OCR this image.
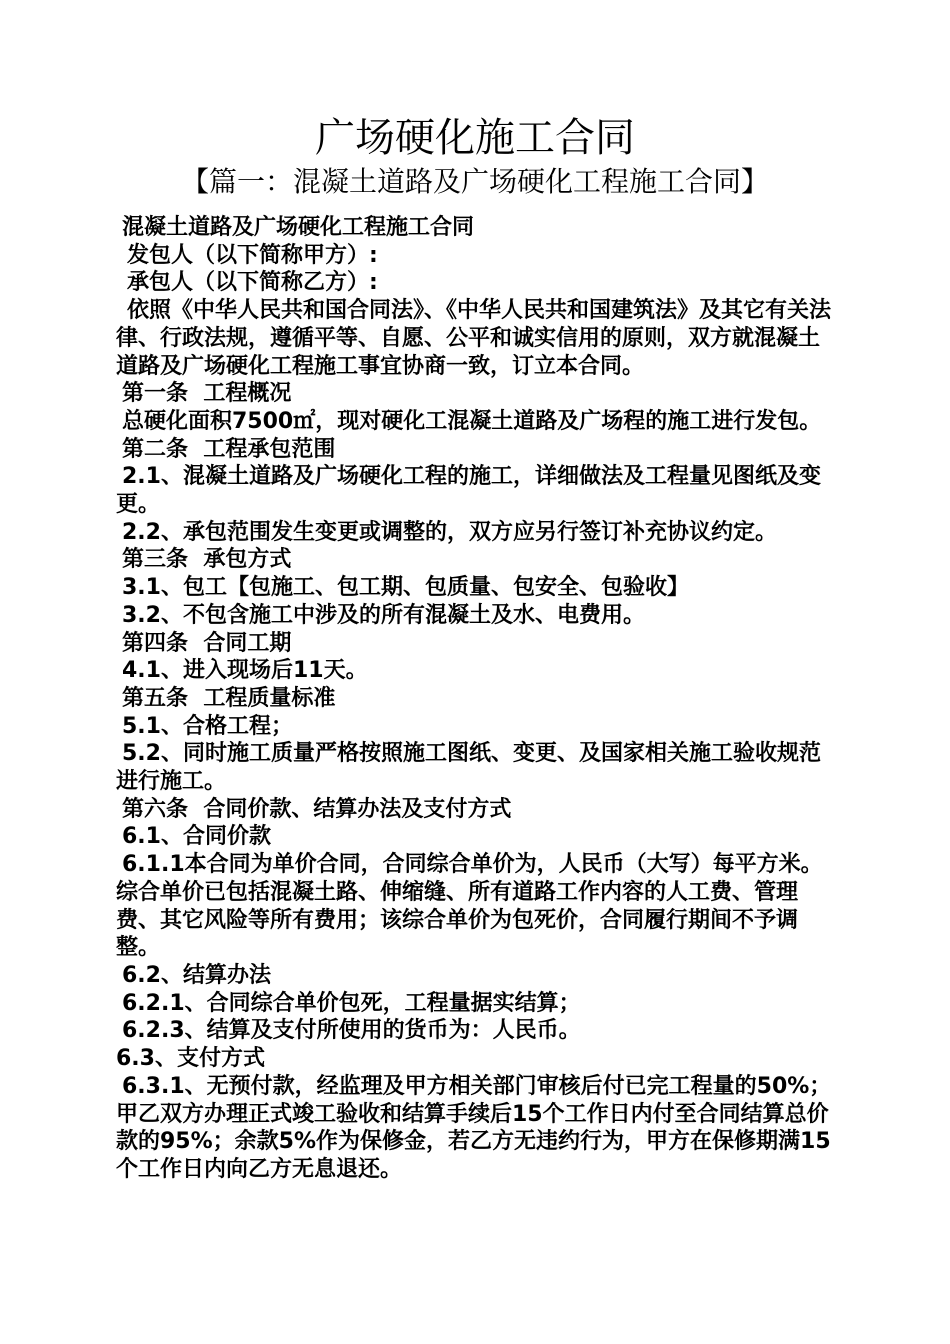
广场硬化施工合同
【篇一：混凝土道路及广场硬化工程施工合同】

混凝土道路及广场硬化工程施工合同

发包人（以下简称甲方）:

承包人（以下简称乙方）:

依照《中华人民共和国合同法》、《中华人民共和国建筑法》及其它有关法律、行政法规，遵循平等、自愿、公平和诚实信用的原则，双方就混凝土道路及广场硬化工程施工事宜协商一致，订立本合同。

第一条  工程概况

总硬化面积7500㎡，现对硬化工混凝土道路及广场程的施工进行发包。

第二条  工程承包范围

2.1、混凝土道路及广场硬化工程的施工，详细做法及工程量见图纸及变更。

2.2、承包范围发生变更或调整的，双方应另行签订补充协议约定。

第三条  承包方式

3.1、包工【包施工、包工期、包质量、包安全、包验收】

3.2、不包含施工中涉及的所有混凝土及水、电费用。

第四条  合同工期

4.1、进入现场后11天。

第五条  工程质量标准

5.1、合格工程；

5.2、同时施工质量严格按照施工图纸、变更、及国家相关施工验收规范进行施工。

第六条  合同价款、结算办法及支付方式

6.1、合同价款

6.1.1本合同为单价合同，合同综合单价为，人民币（大写）每平方米。综合单价已包括混凝土路、伸缩缝、所有道路工作内容的人工费、管理费、其它风险等所有费用；该综合单价为包死价，合同履行期间不予调整。

6.2、结算办法

6.2.1、合同综合单价包死，工程量据实结算；

6.2.3、结算及支付所使用的货币为：人民币。

6.3、支付方式

6.3.1、无预付款，经监理及甲方相关部门审核后付已完工程量的50%；甲乙双方办理正式竣工验收和结算手续后15个工作日内付至合同结算总价款的95%；余款5%作为保修金，若乙方无违约行为，甲方在保修期满15个工作日内向乙方无息退还。
